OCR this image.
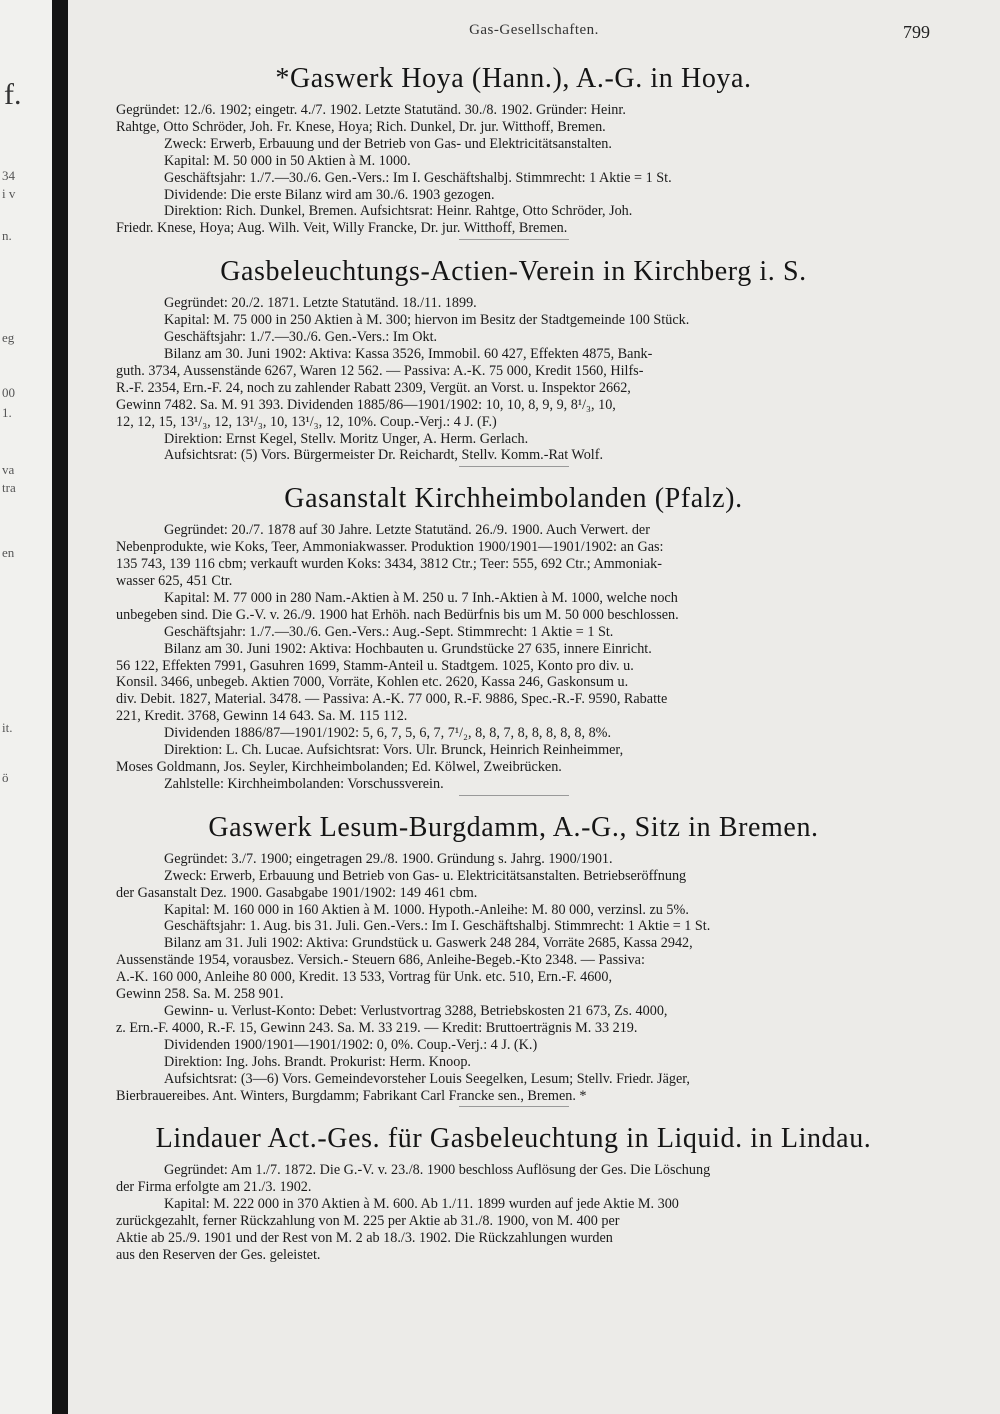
f.
34
i v
n.
eg
00
1.
va
tra
en
it.
ö
Gas-Gesellschaften.	799
*Gaswerk Hoya (Hann.), A.-G. in Hoya.
Gegründet: 12./6. 1902; eingetr. 4./7. 1902. Letzte Statutänd. 30./8. 1902. Gründer: Heinr.
Rahtge, Otto Schröder, Joh. Fr. Knese, Hoya; Rich. Dunkel, Dr. jur. Witthoff, Bremen.
Zweck: Erwerb, Erbauung und der Betrieb von Gas- und Elektricitätsanstalten.
Kapital: M. 50 000 in 50 Aktien à M. 1000.
Geschäftsjahr: 1./7.—30./6. Gen.-Vers.: Im I. Geschäftshalbj. Stimmrecht: 1 Aktie = 1 St.
Dividende: Die erste Bilanz wird am 30./6. 1903 gezogen.
Direktion: Rich. Dunkel, Bremen. Aufsichtsrat: Heinr. Rahtge, Otto Schröder, Joh.
Friedr. Knese, Hoya; Aug. Wilh. Veit, Willy Francke, Dr. jur. Witthoff, Bremen.
Gasbeleuchtungs-Actien-Verein in Kirchberg i. S.
Gegründet: 20./2. 1871. Letzte Statutänd. 18./11. 1899.
Kapital: M. 75 000 in 250 Aktien à M. 300; hiervon im Besitz der Stadtgemeinde 100 Stück.
Geschäftsjahr: 1./7.—30./6. Gen.-Vers.: Im Okt.
Bilanz am 30. Juni 1902: Aktiva: Kassa 3526, Immobil. 60 427, Effekten 4875, Bank-
guth. 3734, Aussenstände 6267, Waren 12 562. — Passiva: A.-K. 75 000, Kredit 1560, Hilfs-
R.-F. 2354, Ern.-F. 24, noch zu zahlender Rabatt 2309, Vergüt. an Vorst. u. Inspektor 2662,
Gewinn 7482. Sa. M. 91 393. Dividenden 1885/86—1901/1902: 10, 10, 8, 9, 9, 8¹/₃, 10,
12, 12, 15, 13¹/₃, 12, 13¹/₃, 10, 13¹/₃, 12, 10%. Coup.-Verj.: 4 J. (F.)
Direktion: Ernst Kegel, Stellv. Moritz Unger, A. Herm. Gerlach.
Aufsichtsrat: (5) Vors. Bürgermeister Dr. Reichardt, Stellv. Komm.-Rat Wolf.
Gasanstalt Kirchheimbolanden (Pfalz).
Gegründet: 20./7. 1878 auf 30 Jahre. Letzte Statutänd. 26./9. 1900. Auch Verwert. der
Nebenprodukte, wie Koks, Teer, Ammoniakwasser. Produktion 1900/1901—1901/1902: an Gas:
135 743, 139 116 cbm; verkauft wurden Koks: 3434, 3812 Ctr.; Teer: 555, 692 Ctr.; Ammoniak-
wasser 625, 451 Ctr.
Kapital: M. 77 000 in 280 Nam.-Aktien à M. 250 u. 7 Inh.-Aktien à M. 1000, welche noch
unbegeben sind. Die G.-V. v. 26./9. 1900 hat Erhöh. nach Bedürfnis bis um M. 50 000 beschlossen.
Geschäftsjahr: 1./7.—30./6. Gen.-Vers.: Aug.-Sept. Stimmrecht: 1 Aktie = 1 St.
Bilanz am 30. Juni 1902: Aktiva: Hochbauten u. Grundstücke 27 635, innere Einricht.
56 122, Effekten 7991, Gasuhren 1699, Stamm-Anteil u. Stadtgem. 1025, Konto pro div. u.
Konsil. 3466, unbegeb. Aktien 7000, Vorräte, Kohlen etc. 2620, Kassa 246, Gaskonsum u.
div. Debit. 1827, Material. 3478. — Passiva: A.-K. 77 000, R.-F. 9886, Spec.-R.-F. 9590, Rabatte
221, Kredit. 3768, Gewinn 14 643. Sa. M. 115 112.
Dividenden 1886/87—1901/1902: 5, 6, 7, 5, 6, 7, 7¹/₂, 8, 8, 7, 8, 8, 8, 8, 8, 8%.
Direktion: L. Ch. Lucae. Aufsichtsrat: Vors. Ulr. Brunck, Heinrich Reinheimmer,
Moses Goldmann, Jos. Seyler, Kirchheimbolanden; Ed. Kölwel, Zweibrücken.
Zahlstelle: Kirchheimbolanden: Vorschussverein.
Gaswerk Lesum-Burgdamm, A.-G., Sitz in Bremen.
Gegründet: 3./7. 1900; eingetragen 29./8. 1900. Gründung s. Jahrg. 1900/1901.
Zweck: Erwerb, Erbauung und Betrieb von Gas- u. Elektricitätsanstalten. Betriebseröffnung
der Gasanstalt Dez. 1900. Gasabgabe 1901/1902: 149 461 cbm.
Kapital: M. 160 000 in 160 Aktien à M. 1000. Hypoth.-Anleihe: M. 80 000, verzinsl. zu 5%.
Geschäftsjahr: 1. Aug. bis 31. Juli. Gen.-Vers.: Im I. Geschäftshalbj. Stimmrecht: 1 Aktie = 1 St.
Bilanz am 31. Juli 1902: Aktiva: Grundstück u. Gaswerk 248 284, Vorräte 2685, Kassa 2942,
Aussenstände 1954, vorausbez. Versich.- Steuern 686, Anleihe-Begeb.-Kto 2348. — Passiva:
A.-K. 160 000, Anleihe 80 000, Kredit. 13 533, Vortrag für Unk. etc. 510, Ern.-F. 4600,
Gewinn 258. Sa. M. 258 901.
Gewinn- u. Verlust-Konto: Debet: Verlustvortrag 3288, Betriebskosten 21 673, Zs. 4000,
z. Ern.-F. 4000, R.-F. 15, Gewinn 243. Sa. M. 33 219. — Kredit: Bruttoerträgnis M. 33 219.
Dividenden 1900/1901—1901/1902: 0, 0%. Coup.-Verj.: 4 J. (K.)
Direktion: Ing. Johs. Brandt. Prokurist: Herm. Knoop.
Aufsichtsrat: (3—6) Vors. Gemeindevorsteher Louis Seegelken, Lesum; Stellv. Friedr. Jäger,
Bierbrauereibes. Ant. Winters, Burgdamm; Fabrikant Carl Francke sen., Bremen. *
Lindauer Act.-Ges. für Gasbeleuchtung in Liquid. in Lindau.
Gegründet: Am 1./7. 1872. Die G.-V. v. 23./8. 1900 beschloss Auflösung der Ges. Die Löschung
der Firma erfolgte am 21./3. 1902.
Kapital: M. 222 000 in 370 Aktien à M. 600. Ab 1./11. 1899 wurden auf jede Aktie M. 300
zurückgezahlt, ferner Rückzahlung von M. 225 per Aktie ab 31./8. 1900, von M. 400 per
Aktie ab 25./9. 1901 und der Rest von M. 2 ab 18./3. 1902. Die Rückzahlungen wurden
aus den Reserven der Ges. geleistet.
